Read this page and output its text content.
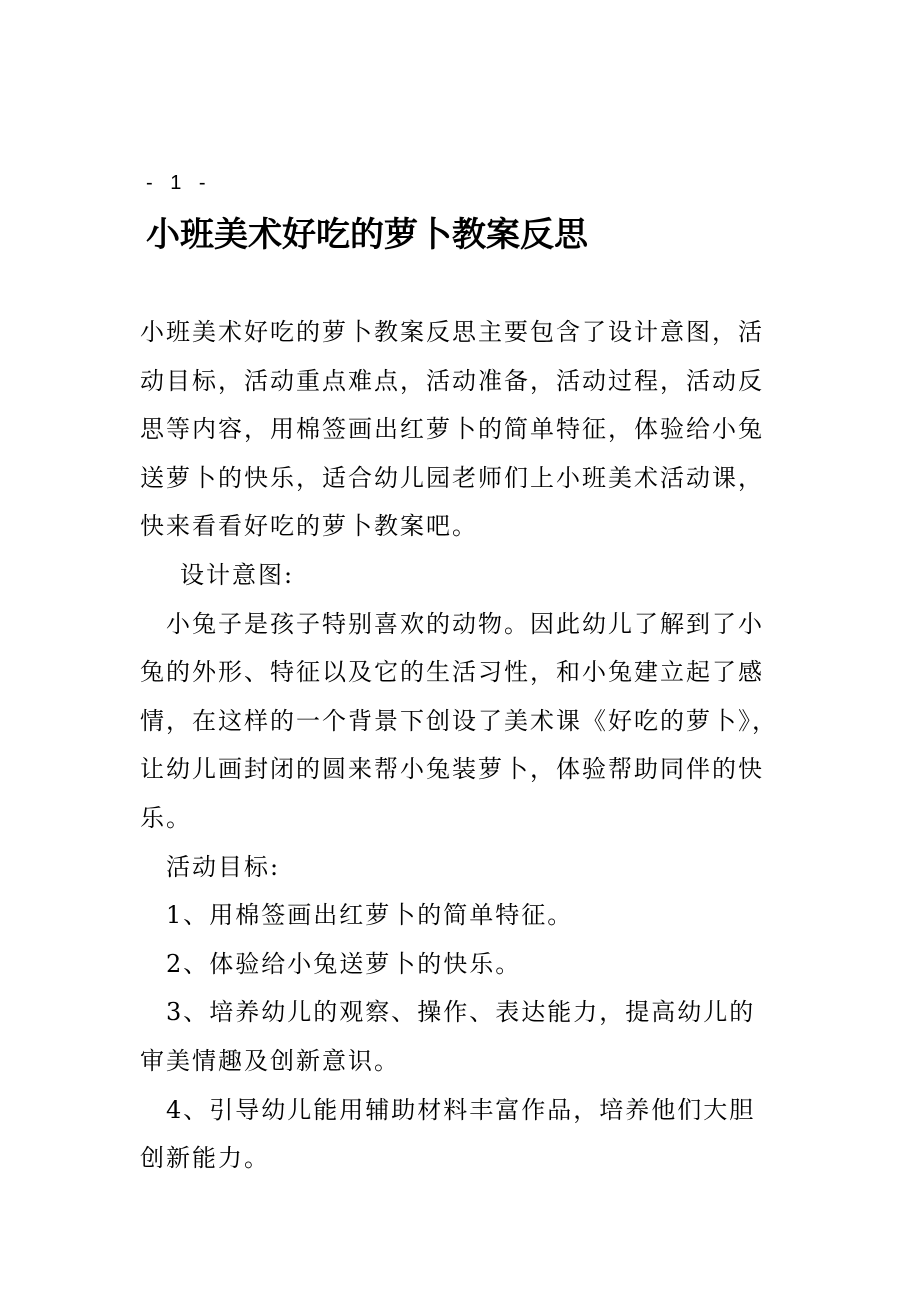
- 1 -
小班美术好吃的萝卜教案反思

小班美术好吃的萝卜教案反思主要包含了设计意图，活动目标，活动重点难点，活动准备，活动过程，活动反思等内容，用棉签画出红萝卜的简单特征，体验给小兔送萝卜的快乐，适合幼儿园老师们上小班美术活动课，快来看看好吃的萝卜教案吧。

设计意图:

小兔子是孩子特别喜欢的动物。因此幼儿了解到了小兔的外形、特征以及它的生活习性，和小兔建立起了感情，在这样的一个背景下创设了美术课《好吃的萝卜》，让幼儿画封闭的圆来帮小兔装萝卜，体验帮助同伴的快乐。

活动目标:

1、用棉签画出红萝卜的简单特征。

2、体验给小兔送萝卜的快乐。

3、培养幼儿的观察、操作、表达能力，提高幼儿的审美情趣及创新意识。

4、引导幼儿能用辅助材料丰富作品，培养他们大胆创新能力。
